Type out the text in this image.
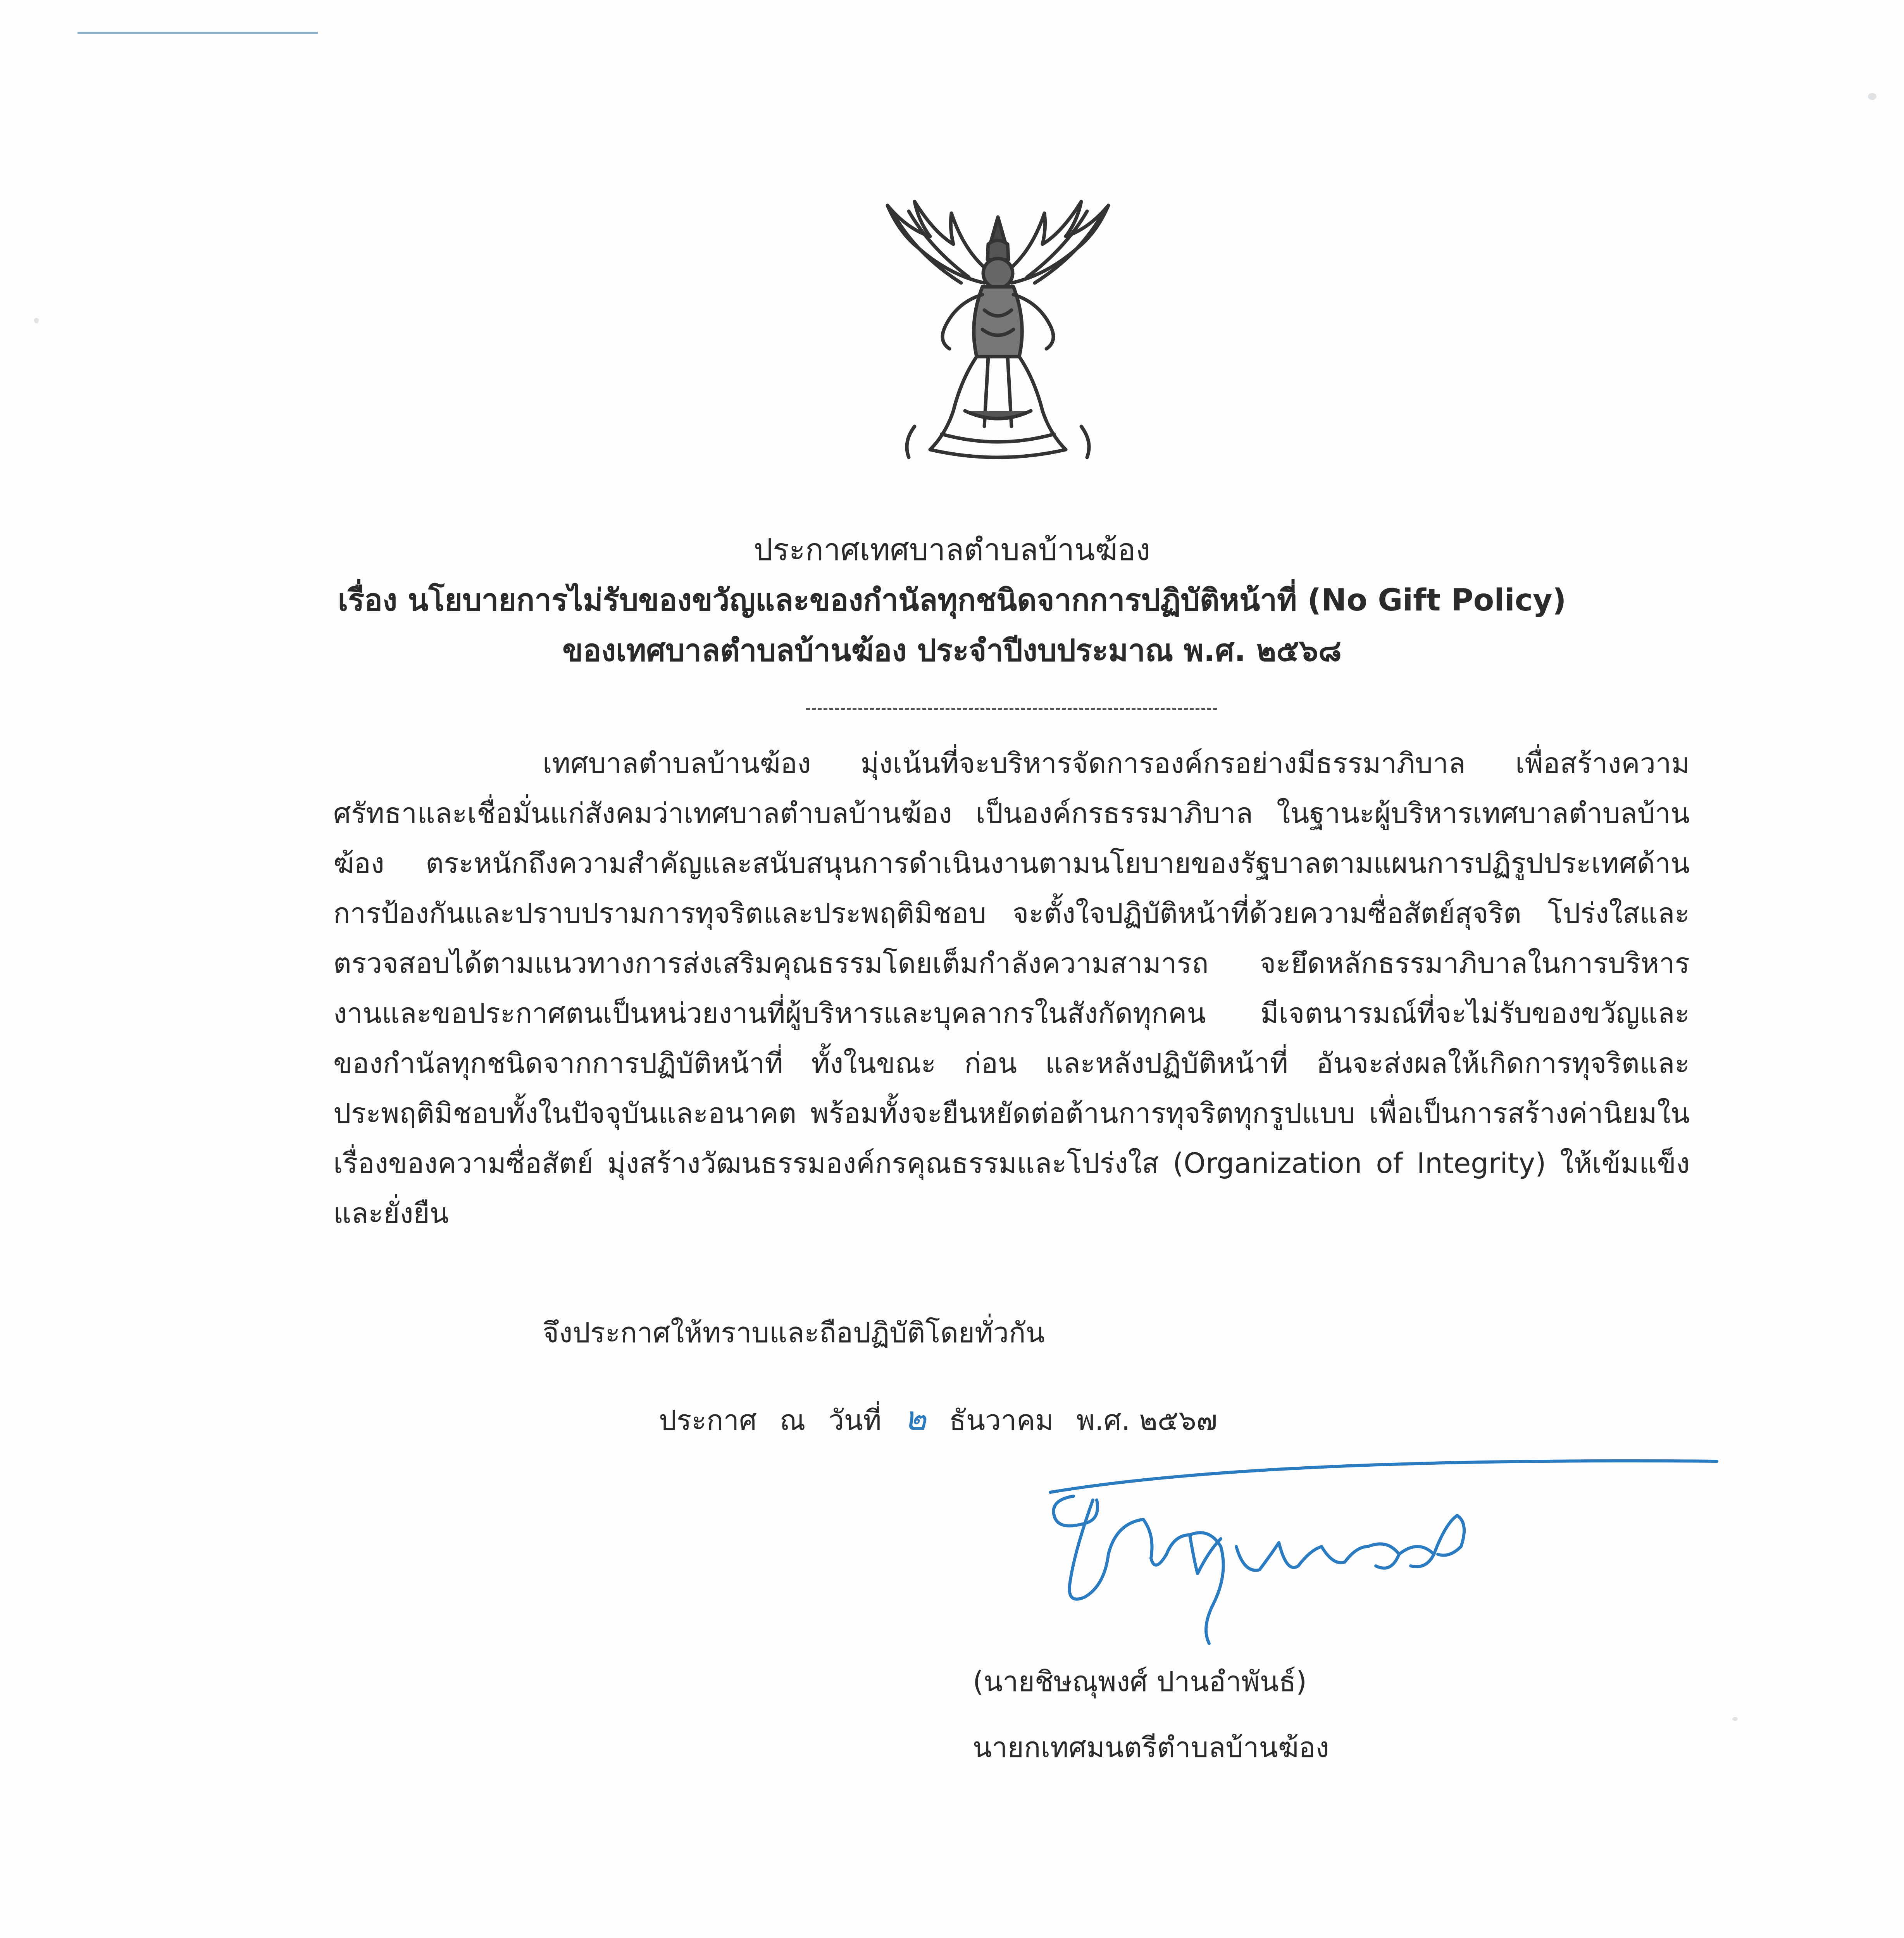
ประกาศเทศบาลตำบลบ้านฆ้อง
เรื่อง นโยบายการไม่รับของขวัญและของกำนัลทุกชนิดจากการปฏิบัติหน้าที่ (No Gift Policy)
ของเทศบาลตำบลบ้านฆ้อง ประจำปีงบประมาณ พ.ศ. ๒๕๖๘

เทศบาลตำบลบ้านฆ้อง มุ่งเน้นที่จะบริหารจัดการองค์กรอย่างมีธรรมาภิบาล เพื่อสร้างความศรัทธาและเชื่อมั่นแก่สังคมว่าเทศบาลตำบลบ้านฆ้อง เป็นองค์กรธรรมาภิบาล ในฐานะผู้บริหารเทศบาลตำบลบ้านฆ้อง ตระหนักถึงความสำคัญและสนับสนุนการดำเนินงานตามนโยบายของรัฐบาลตามแผนการปฏิรูปประเทศด้านการป้องกันและปราบปรามการทุจริตและประพฤติมิชอบ จะตั้งใจปฏิบัติหน้าที่ด้วยความซื่อสัตย์สุจริต โปร่งใสและตรวจสอบได้ตามแนวทางการส่งเสริมคุณธรรมโดยเต็มกำลังความสามารถ จะยึดหลักธรรมาภิบาลในการบริหารงานและขอประกาศตนเป็นหน่วยงานที่ผู้บริหารและบุคลากรในสังกัดทุกคน มีเจตนารมณ์ที่จะไม่รับของขวัญและของกำนัลทุกชนิดจากการปฏิบัติหน้าที่ ทั้งในขณะ ก่อน และหลังปฏิบัติหน้าที่ อันจะส่งผลให้เกิดการทุจริตและประพฤติมิชอบทั้งในปัจจุบันและอนาคต พร้อมทั้งจะยืนหยัดต่อต้านการทุจริตทุกรูปแบบ เพื่อเป็นการสร้างค่านิยมในเรื่องของความซื่อสัตย์ มุ่งสร้างวัฒนธรรมองค์กรคุณธรรมและโปร่งใส (Organization of Integrity) ให้เข้มแข็งและยั่งยืน

จึงประกาศให้ทราบและถือปฏิบัติโดยทั่วกัน
ประกาศ ณ วันที่ ๒ ธันวาคม พ.ศ. ๒๕๖๗
(นายชิษณุพงศ์ ปานอำพันธ์)
นายกเทศมนตรีตำบลบ้านฆ้อง
